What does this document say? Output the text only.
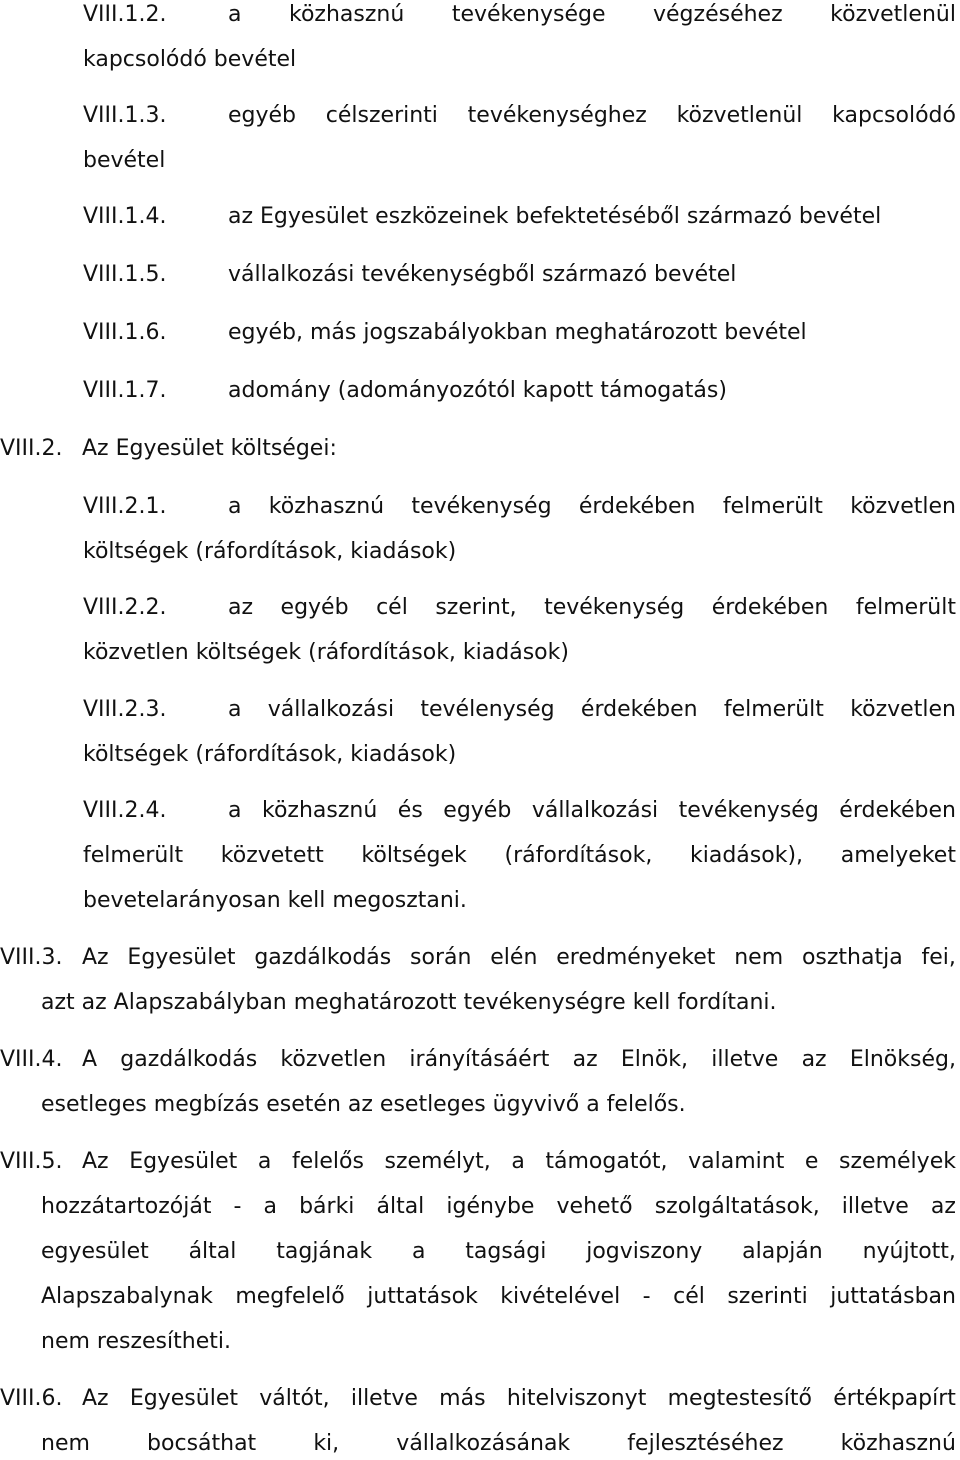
VIII.1.2.	a közhasznú tevékenysége végzéséhez közvetlenül
kapcsolódó bevétel
VIII.1.3.	egyéb célszerinti tevékenységhez közvetlenül kapcsolódó
bevétel
VIII.1.4.	az Egyesület eszközeinek befektetéséből származó bevétel
VIII.1.5.	vállalkozási tevékenységből származó bevétel
VIII.1.6.	egyéb, más jogszabályokban meghatározott bevétel
VIII.1.7.	adomány (adományozótól kapott támogatás)
VIII.2. Az Egyesület költségei:
VIII.2.1.	a közhasznú tevékenység érdekében felmerült közvetlen
költségek (ráfordítások, kiadások)
VIII.2.2.	az egyéb cél szerint, tevékenység érdekében felmerült
közvetlen költségek (ráfordítások, kiadások)
VIII.2.3.	a vállalkozási tevélenység érdekében felmerült közvetlen
költségek (ráfordítások, kiadások)
VIII.2.4.	a közhasznú és egyéb vállalkozási tevékenység érdekében
felmerült közvetett költségek (ráfordítások, kiadások), amelyeket
bevetelarányosan kell megosztani.
VIII.3. Az Egyesület gazdálkodás során elén eredményeket nem oszthatja fei,
azt az Alapszabályban meghatározott tevékenységre kell fordítani.
VIII.4. A gazdálkodás közvetlen irányításáért az Elnök, illetve az Elnökség,
esetleges megbízás esetén az esetleges ügyvivő a felelős.
VIII.5. Az Egyesület a felelős személyt, a támogatót, valamint e személyek
hozzátartozóját - a bárki által igénybe vehető szolgáltatások, illetve az
egyesület által tagjának a tagsági jogviszony alapján nyújtott,
Alapszabalynak megfelelő juttatások kivételével - cél szerinti juttatásban
nem reszesítheti.
VIII.6. Az Egyesület váltót, illetve más hitelviszonyt megtestesítő értékpapírt
nem	bocsáthat	ki,	vállalkozásának	fejlesztéséhez	közhasznú
